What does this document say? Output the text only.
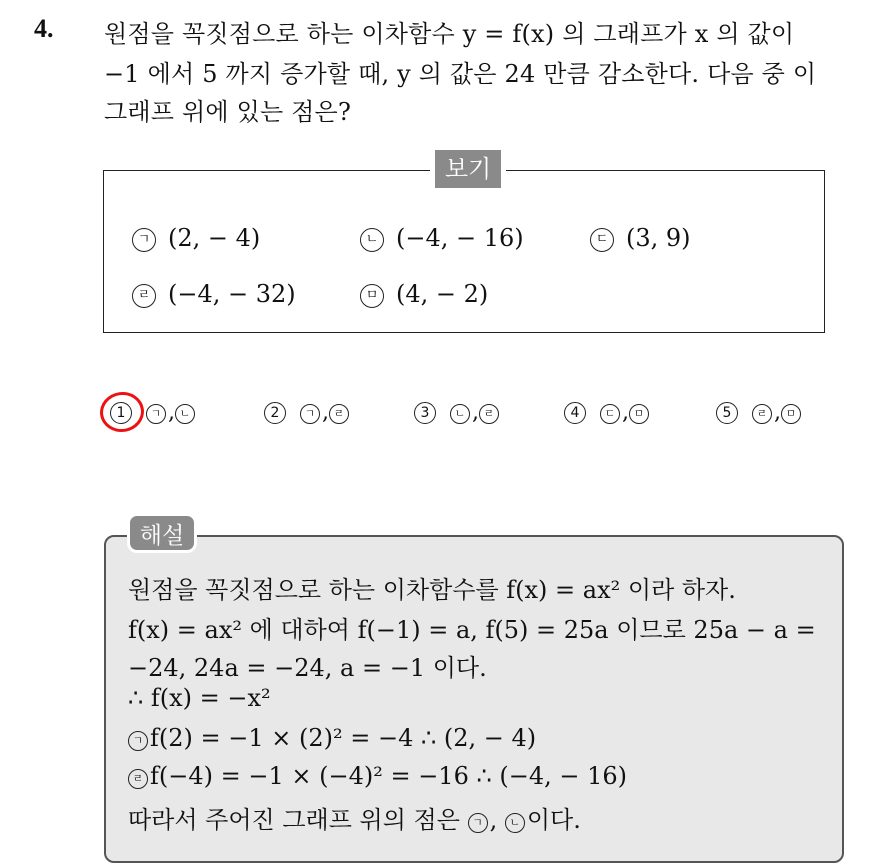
4. 원점을 꼭짓점으로 하는 이차함수 y = f(x) 의 그래프가 x 의 값이
−1 에서 5 까지 증가할 때, y 의 값은 24 만큼 감소한다. 다음 중 이
그래프 위에 있는 점은?
보기
ㄱ (2, − 4)	ㄴ (−4, − 16)	ㄷ (3, 9)
ㄹ (−4, − 32)	ㅁ (4, − 2)
1 ㄱ , ㄴ	2 ㄱ , ㄹ	3 ㄴ , ㄹ	4 ㄷ , ㅁ	5 ㄹ , ㅁ
해설
원점을 꼭짓점으로 하는 이차함수를 f(x) = ax² 이라 하자.
f(x) = ax² 에 대하여 f(−1) = a, f(5) = 25a 이므로 25a − a =
−24, 24a = −24, a = −1 이다.
∴ f(x) = −x²
ㄱ f(2) = −1 × (2)² = −4 ∴ (2, − 4)
ㄹ f(−4) = −1 × (−4)² = −16 ∴ (−4, − 16)
따라서 주어진 그래프 위의 점은 ㄱ , ㄴ 이다.
